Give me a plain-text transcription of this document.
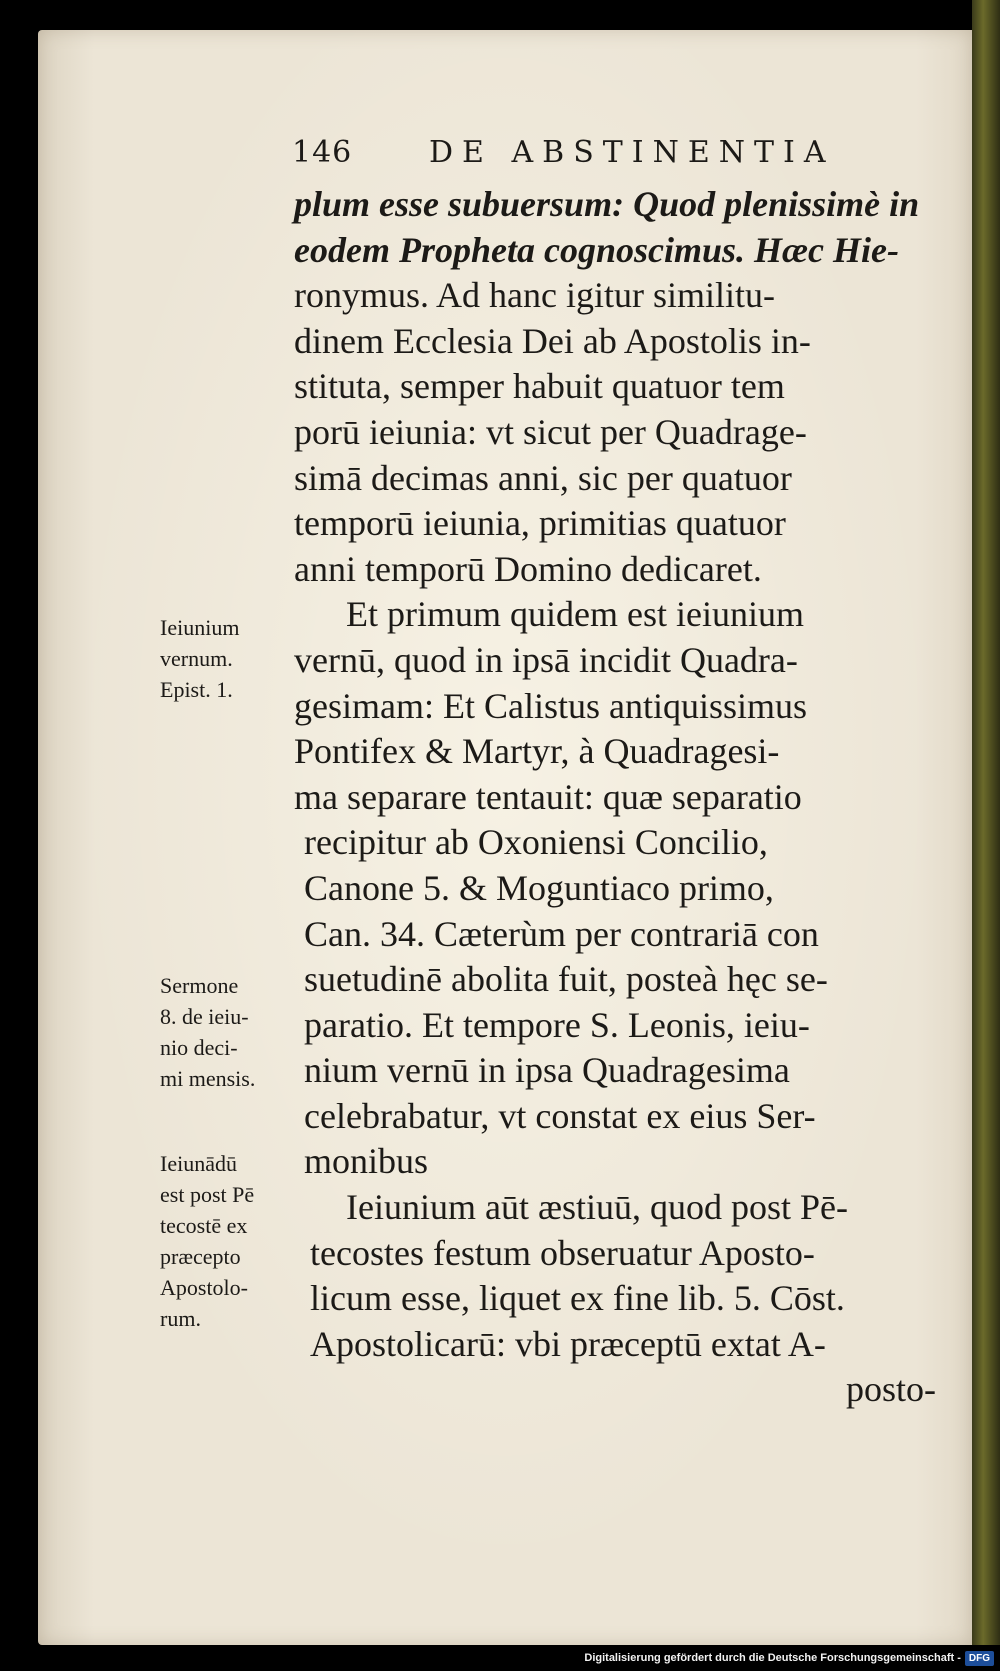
146	DE ABSTINENTIA
plum esse subuersum: Quod plenissimè in
eodem Propheta cognoscimus. Hæc Hie-
ronymus. Ad hanc igitur similitu-
dinem Ecclesia Dei ab Apostolis in-
stituta, semper habuit quatuor tem
porū ieiunia: vt sicut per Quadrage-
simā decimas anni, sic per quatuor
temporū ieiunia, primitias quatuor
anni temporū Domino dedicaret.
Et primum quidem est ieiunium
vernū, quod in ipsā incidit Quadra-
gesimam: Et Calistus antiquissimus
Pontifex & Martyr, à Quadragesi-
ma separare tentauit: quæ separatio
recipitur ab Oxoniensi Concilio,
Canone 5. & Moguntiaco primo,
Can. 34. Cæterùm per contrariā con
suetudinē abolita fuit, posteà hęc se-
paratio. Et tempore S. Leonis, ieiu-
nium vernū in ipsa Quadragesima
celebrabatur, vt constat ex eius Ser-
monibus
Ieiunium aūt æstiuū, quod post Pē-
tecostes festum obseruatur Aposto-
licum esse, liquet ex fine lib. 5. Cōst.
Apostolicarū: vbi præceptū extat A-
posto-
Ieiunium
vernum.
Epist. 1.
Sermone
8. de ieiu-
nio deci-
mi mensis.
Ieiunādū
est post Pē
tecostē ex
præcepto
Apostolo-
rum.
Digitalisierung gefördert durch die Deutsche Forschungsgemeinschaft - DFG
